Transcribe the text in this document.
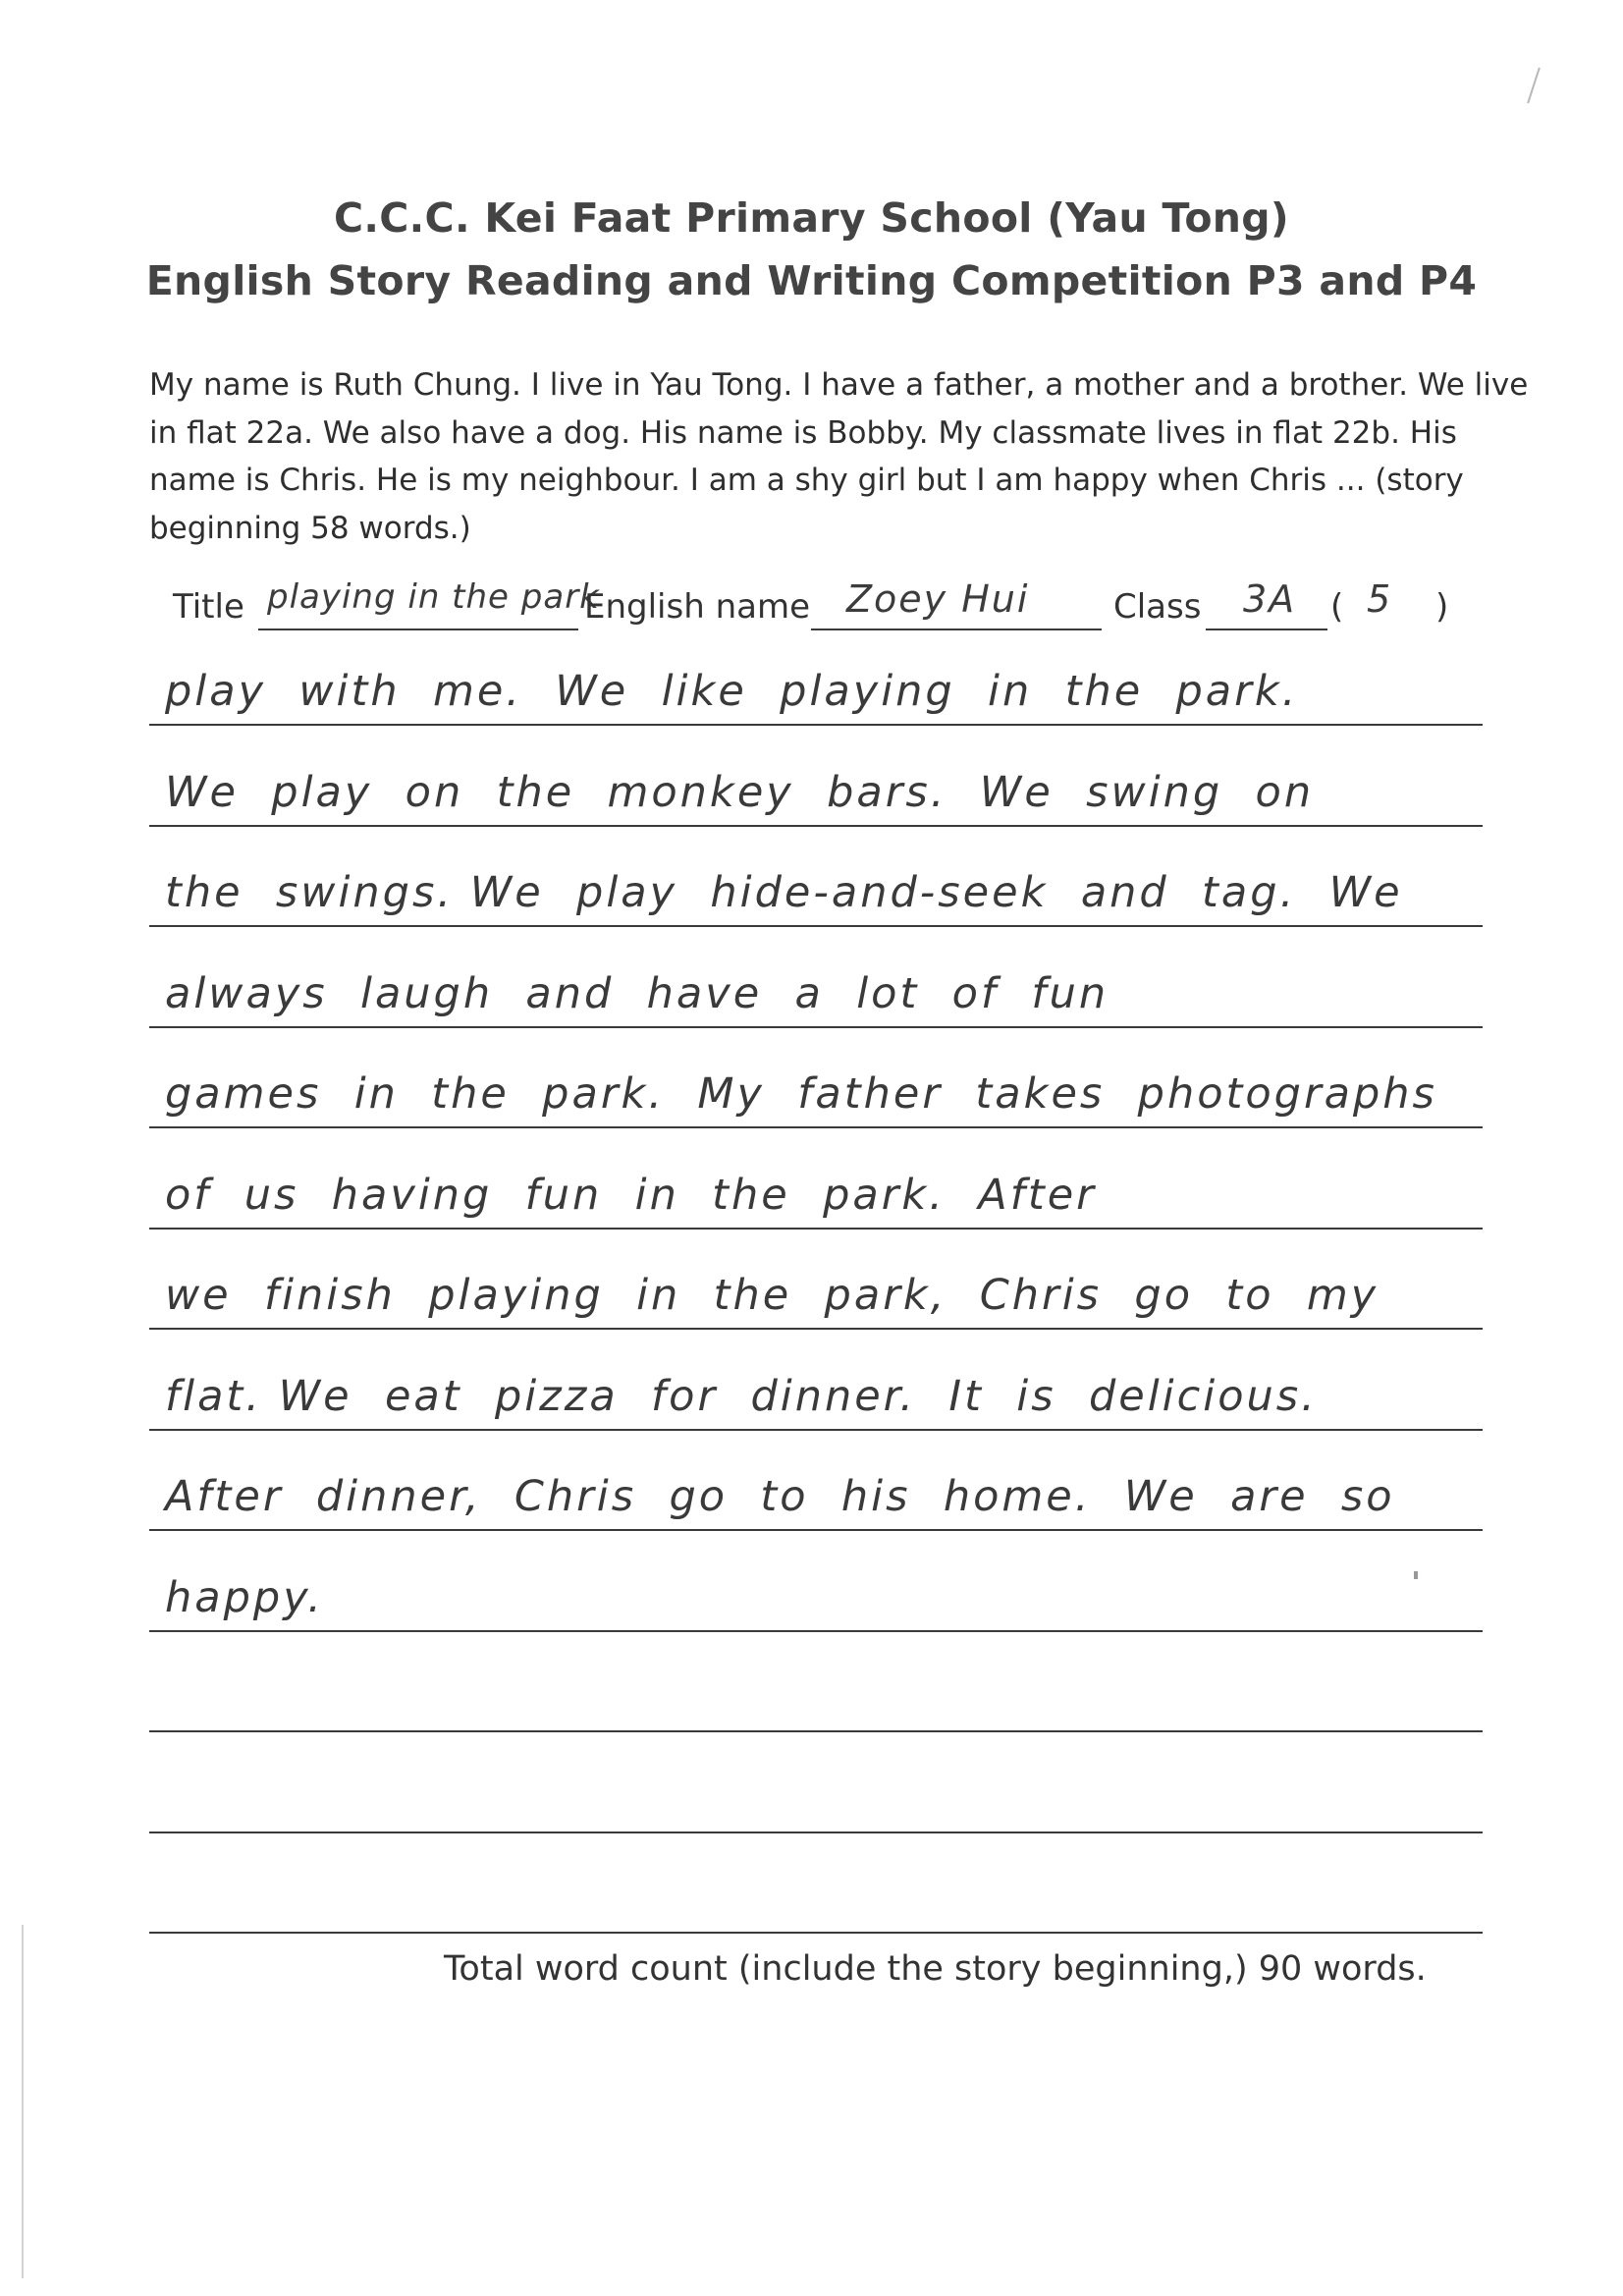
C.C.C. Kei Faat Primary School (Yau Tong)
English Story Reading and Writing Competition P3 and P4
My name is Ruth Chung. I live in Yau Tong. I have a father, a mother and a brother. We live in flat 22a. We also have a dog. His name is Bobby. My classmate lives in flat 22b. His name is Chris. He is my neighbour. I am a shy girl but I am happy when Chris ... (story beginning 58 words.)
Title playing in the park
English name Zoey Hui	Class 3A ( 5 )
play  with  me.  We  like  playing  in  the  park.
We  play  on  the  monkey  bars.  We  swing  on
the  swings. We  play  hide-and-seek  and  tag.  We
always  laugh  and  have  a  lot  of  fun
games  in  the  park.  My  father  takes  photographs
of  us  having  fun  in  the  park.  After
we  finish  playing  in  the  park,  Chris  go  to  my
flat. We  eat  pizza  for  dinner.  It  is  delicious.
After  dinner,  Chris  go  to  his  home.  We  are  so
happy.
Total word count (include the story beginning,) 90 words.
